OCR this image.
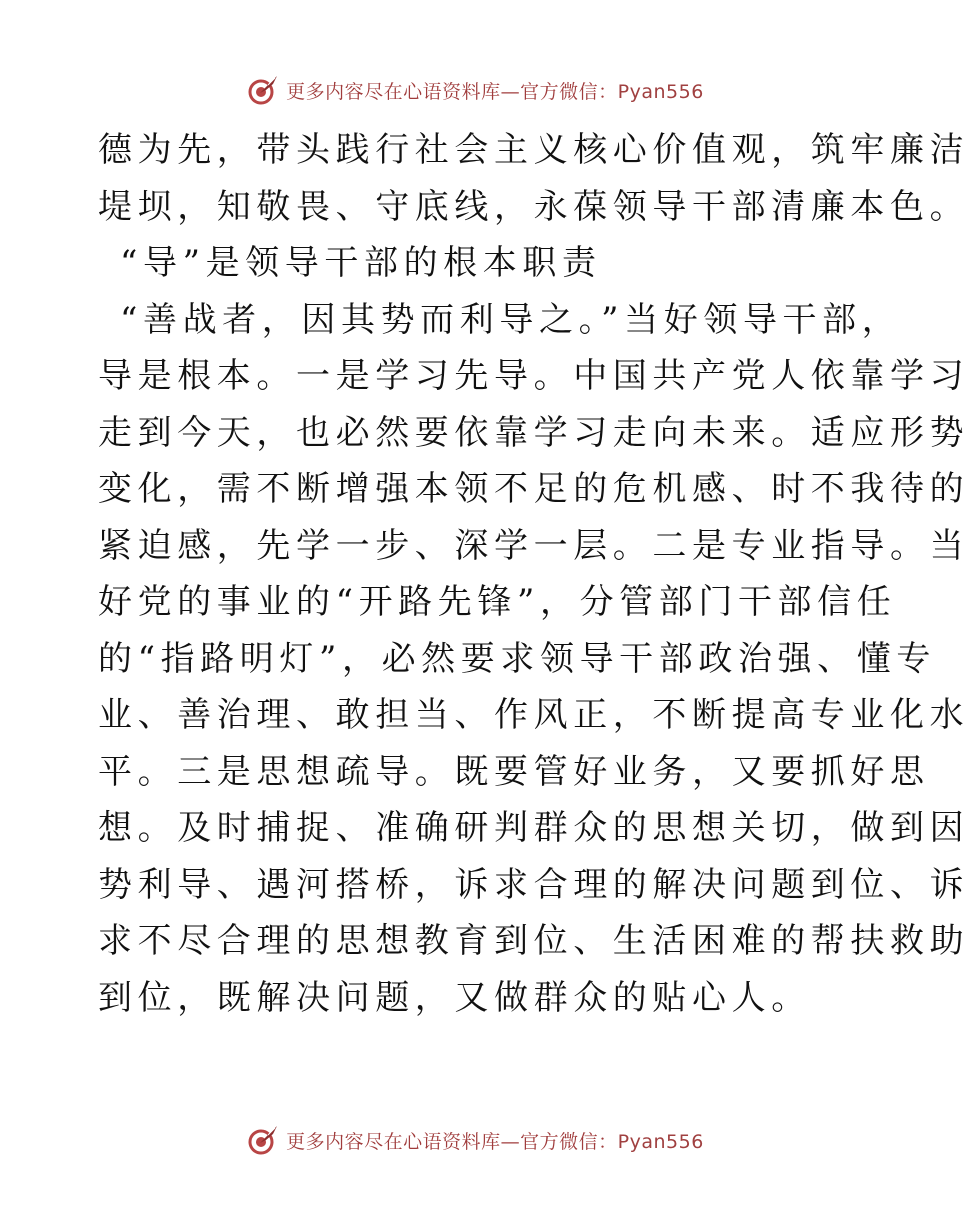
更多内容尽在心语资料库—官方微信：Pyan556
德为先，带头践行社会主义核心价值观，筑牢廉洁
堤坝，知敬畏、守底线，永葆领导干部清廉本色。
“导”是领导干部的根本职责
“善战者，因其势而利导之。”当好领导干部，
导是根本。一是学习先导。中国共产党人依靠学习
走到今天，也必然要依靠学习走向未来。适应形势
变化，需不断增强本领不足的危机感、时不我待的
紧迫感，先学一步、深学一层。二是专业指导。当
好党的事业的“开路先锋”，分管部门干部信任
的“指路明灯”，必然要求领导干部政治强、懂专
业、善治理、敢担当、作风正，不断提高专业化水
平。三是思想疏导。既要管好业务，又要抓好思
想。及时捕捉、准确研判群众的思想关切，做到因
势利导、遇河搭桥，诉求合理的解决问题到位、诉
求不尽合理的思想教育到位、生活困难的帮扶救助
到位，既解决问题，又做群众的贴心人。
更多内容尽在心语资料库—官方微信：Pyan556
